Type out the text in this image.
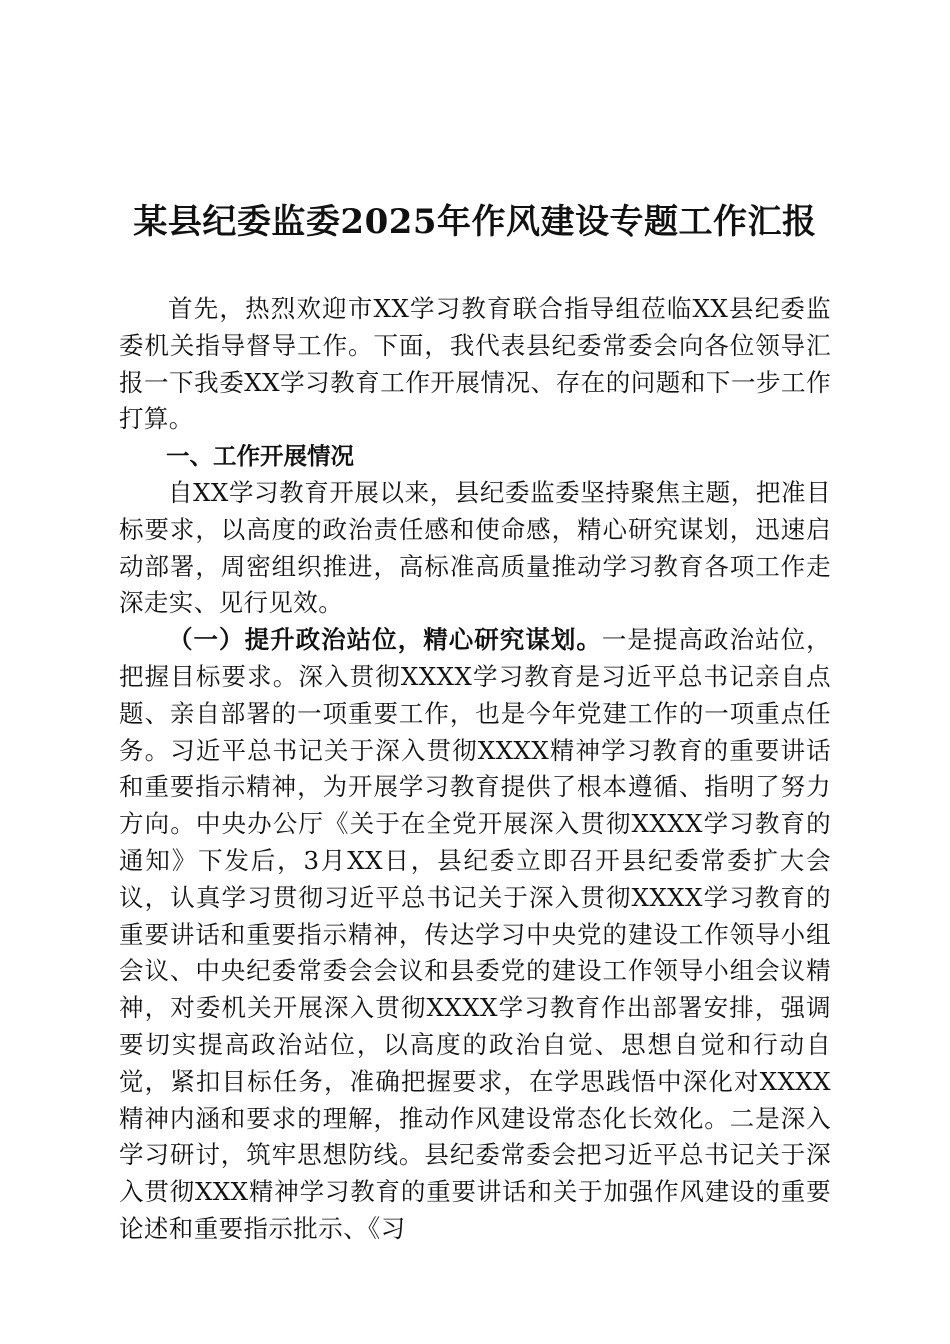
某县纪委监委2025年作风建设专题工作汇报

首先，热烈欢迎市XX学习教育联合指导组莅临XX县纪委监委机关指导督导工作。下面，我代表县纪委常委会向各位领导汇报一下我委XX学习教育工作开展情况、存在的问题和下一步工作打算。

一、工作开展情况

自XX学习教育开展以来，县纪委监委坚持聚焦主题，把准目标要求，以高度的政治责任感和使命感，精心研究谋划，迅速启动部署，周密组织推进，高标准高质量推动学习教育各项工作走深走实、见行见效。

（一）提升政治站位，精心研究谋划。一是提高政治站位，把握目标要求。深入贯彻XXXX学习教育是习近平总书记亲自点题、亲自部署的一项重要工作，也是今年党建工作的一项重点任务。习近平总书记关于深入贯彻XXXX精神学习教育的重要讲话和重要指示精神，为开展学习教育提供了根本遵循、指明了努力方向。中央办公厅《关于在全党开展深入贯彻XXXX学习教育的通知》下发后，3月XX日，县纪委立即召开县纪委常委扩大会议，认真学习贯彻习近平总书记关于深入贯彻XXXX学习教育的重要讲话和重要指示精神，传达学习中央党的建设工作领导小组会议、中央纪委常委会会议和县委党的建设工作领导小组会议精神，对委机关开展深入贯彻XXXX学习教育作出部署安排，强调要切实提高政治站位，以高度的政治自觉、思想自觉和行动自觉，紧扣目标任务，准确把握要求，在学思践悟中深化对XXXX精神内涵和要求的理解，推动作风建设常态化长效化。二是深入学习研讨，筑牢思想防线。县纪委常委会把习近平总书记关于深入贯彻XXX精神学习教育的重要讲话和关于加强作风建设的重要论述和重要指示批示、《习
